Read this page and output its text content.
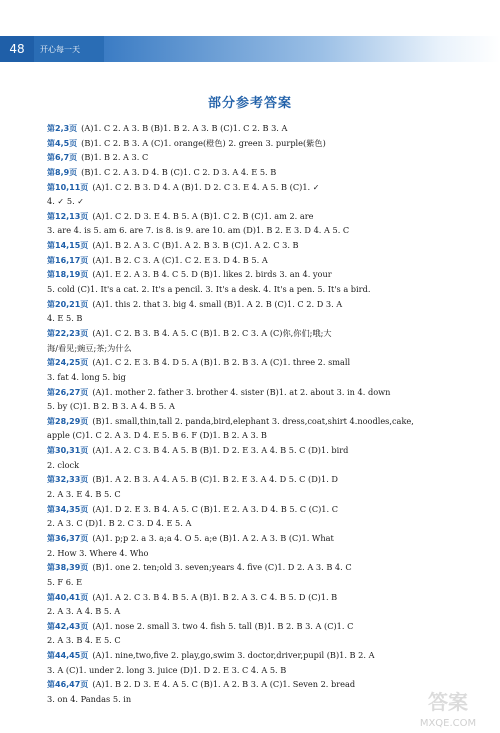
48	开心每一天
部分参考答案
第2,3页 (A)1. C 2. A 3. B (B)1. B 2. A 3. B (C)1. C 2. B 3. A
第4,5页 (B)1. C 2. B 3. A (C)1. orange(橙色) 2. green 3. purple(紫色)
第6,7页 (B)1. B 2. A 3. C
第8,9页 (B)1. C 2. A 3. D 4. B (C)1. C 2. D 3. A 4. E 5. B
第10,11页 (A)1. C 2. B 3. D 4. A (B)1. D 2. C 3. E 4. A 5. B (C)1. ✓
4. ✓ 5. ✓
第12,13页 (A)1. C 2. D 3. E 4. B 5. A (B)1. C 2. B (C)1. am 2. are
3. are 4. is 5. am 6. are 7. is 8. is 9. are 10. am (D)1. B 2. E 3. D 4. A 5. C
第14,15页 (A)1. B 2. A 3. C (B)1. A 2. B 3. B (C)1. A 2. C 3. B
第16,17页 (A)1. B 2. C 3. A (C)1. C 2. E 3. D 4. B 5. A
第18,19页 (A)1. E 2. A 3. B 4. C 5. D (B)1. likes 2. birds 3. an 4. your
5. cold (C)1. It's a cat. 2. It's a pencil. 3. It's a desk. 4. It's a pen. 5. It's a bird.
第20,21页 (A)1. this 2. that 3. big 4. small (B)1. A 2. B (C)1. C 2. D 3. A
4. E 5. B
第22,23页 (A)1. C 2. B 3. B 4. A 5. C (B)1. B 2. C 3. A (C)你,你们;哦;大
海/看见;豌豆;茶;为什么
第24,25页 (A)1. C 2. E 3. B 4. D 5. A (B)1. B 2. B 3. A (C)1. three 2. small
3. fat 4. long 5. big
第26,27页 (A)1. mother 2. father 3. brother 4. sister (B)1. at 2. about 3. in 4. down
5. by (C)1. B 2. B 3. A 4. B 5. A
第28,29页 (B)1. small,thin,tall 2. panda,bird,elephant 3. dress,coat,shirt 4.noodles,cake,
apple (C)1. C 2. A 3. D 4. E 5. B 6. F (D)1. B 2. A 3. B
第30,31页 (A)1. A 2. C 3. B 4. A 5. B (B)1. D 2. E 3. A 4. B 5. C (D)1. bird
2. clock
第32,33页 (B)1. A 2. B 3. A 4. A 5. B (C)1. B 2. E 3. A 4. D 5. C (D)1. D
2. A 3. E 4. B 5. C
第34,35页 (A)1. D 2. E 3. B 4. A 5. C (B)1. E 2. A 3. D 4. B 5. C (C)1. C
2. A 3. C (D)1. B 2. C 3. D 4. E 5. A
第36,37页 (A)1. p;p 2. a 3. a;a 4. O 5. a;e (B)1. A 2. A 3. B (C)1. What
2. How 3. Where 4. Who
第38,39页 (B)1. one 2. ten;old 3. seven;years 4. five (C)1. D 2. A 3. B 4. C
5. F 6. E
第40,41页 (A)1. A 2. C 3. B 4. B 5. A (B)1. B 2. A 3. C 4. B 5. D (C)1. B
2. A 3. A 4. B 5. A
第42,43页 (A)1. nose 2. small 3. two 4. fish 5. tall (B)1. B 2. B 3. A (C)1. C
2. A 3. B 4. E 5. C
第44,45页 (A)1. nine,two,five 2. play,go,swim 3. doctor,driver,pupil (B)1. B 2. A
3. A (C)1. under 2. long 3. juice (D)1. D 2. E 3. C 4. A 5. B
第46,47页 (A)1. B 2. D 3. E 4. A 5. C (B)1. A 2. B 3. A (C)1. Seven 2. bread
3. on 4. Pandas 5. in	答案
MXQE.COM
